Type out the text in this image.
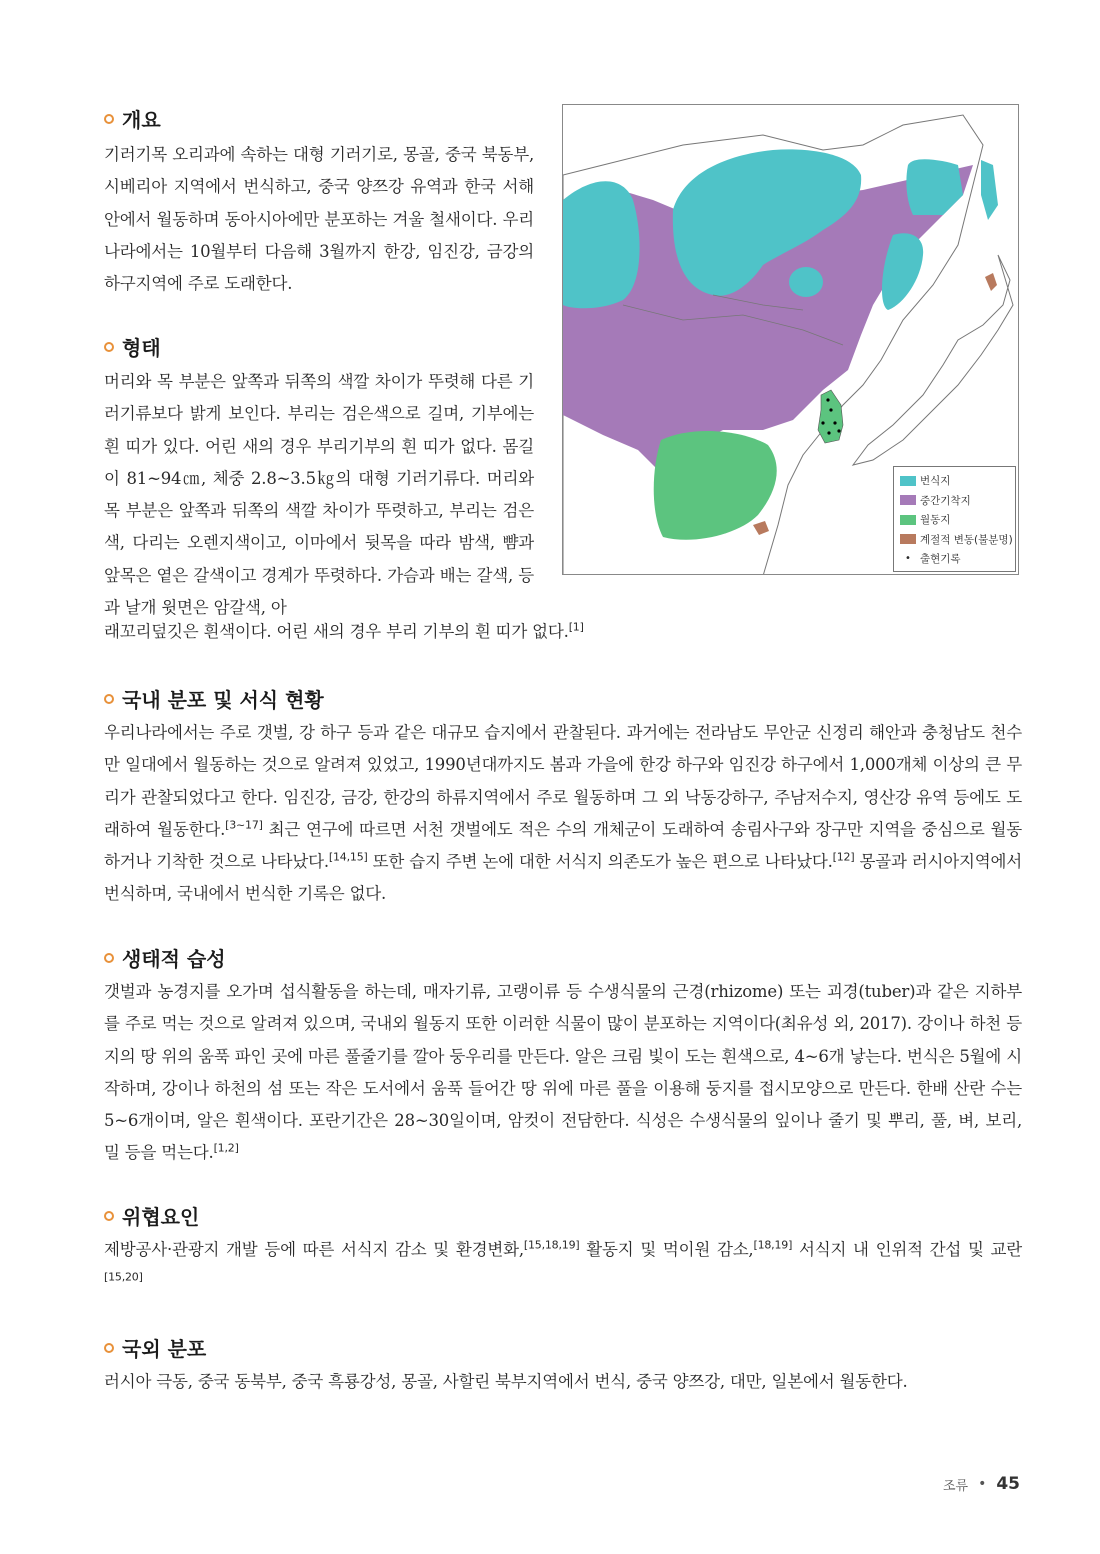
개요
기러기목 오리과에 속하는 대형 기러기로, 몽골, 중국 북동부, 시베리아 지역에서 번식하고, 중국 양쯔강 유역과 한국 서해안에서 월동하며 동아시아에만 분포하는 겨울 철새이다. 우리나라에서는 10월부터 다음해 3월까지 한강, 임진강, 금강의 하구지역에 주로 도래한다.
형태
머리와 목 부분은 앞쪽과 뒤쪽의 색깔 차이가 뚜렷해 다른 기러기류보다 밝게 보인다. 부리는 검은색으로 길며, 기부에는 흰 띠가 있다. 어린 새의 경우 부리기부의 흰 띠가 없다. 몸길이 81~94㎝, 체중 2.8~3.5㎏의 대형 기러기류다. 머리와 목 부분은 앞쪽과 뒤쪽의 색깔 차이가 뚜렷하고, 부리는 검은색, 다리는 오렌지색이고, 이마에서 뒷목을 따라 밤색, 뺨과 앞목은 옅은 갈색이고 경계가 뚜렷하다. 가슴과 배는 갈색, 등과 날개 윗면은 암갈색, 아
래꼬리덮깃은 흰색이다. 어린 새의 경우 부리 기부의 흰 띠가 없다.[1]
번식지
중간기착지
월동지
계절적 변동(불분명)
• 출현기록
국내 분포 및 서식 현황
우리나라에서는 주로 갯벌, 강 하구 등과 같은 대규모 습지에서 관찰된다. 과거에는 전라남도 무안군 신정리 해안과 충청남도 천수만 일대에서 월동하는 것으로 알려져 있었고, 1990년대까지도 봄과 가을에 한강 하구와 임진강 하구에서 1,000개체 이상의 큰 무리가 관찰되었다고 한다. 임진강, 금강, 한강의 하류지역에서 주로 월동하며 그 외 낙동강하구, 주남저수지, 영산강 유역 등에도 도래하여 월동한다.[3~17] 최근 연구에 따르면 서천 갯벌에도 적은 수의 개체군이 도래하여 송림사구와 장구만 지역을 중심으로 월동하거나 기착한 것으로 나타났다.[14,15] 또한 습지 주변 논에 대한 서식지 의존도가 높은 편으로 나타났다.[12] 몽골과 러시아지역에서 번식하며, 국내에서 번식한 기록은 없다.
생태적 습성
갯벌과 농경지를 오가며 섭식활동을 하는데, 매자기류, 고랭이류 등 수생식물의 근경(rhizome) 또는 괴경(tuber)과 같은 지하부를 주로 먹는 것으로 알려져 있으며, 국내외 월동지 또한 이러한 식물이 많이 분포하는 지역이다(최유성 외, 2017). 강이나 하천 등지의 땅 위의 움푹 파인 곳에 마른 풀줄기를 깔아 둥우리를 만든다. 알은 크림 빛이 도는 흰색으로, 4~6개 낳는다. 번식은 5월에 시작하며, 강이나 하천의 섬 또는 작은 도서에서 움푹 들어간 땅 위에 마른 풀을 이용해 둥지를 접시모양으로 만든다. 한배 산란 수는 5~6개이며, 알은 흰색이다. 포란기간은 28~30일이며, 암컷이 전담한다. 식성은 수생식물의 잎이나 줄기 및 뿌리, 풀, 벼, 보리, 밀 등을 먹는다.[1,2]
위협요인
제방공사·관광지 개발 등에 따른 서식지 감소 및 환경변화,[15,18,19] 활동지 및 먹이원 감소,[18,19] 서식지 내 인위적 간섭 및 교란[15,20]
국외 분포
러시아 극동, 중국 동북부, 중국 흑룡강성, 몽골, 사할린 북부지역에서 번식, 중국 양쯔강, 대만, 일본에서 월동한다.
조류 • 45
